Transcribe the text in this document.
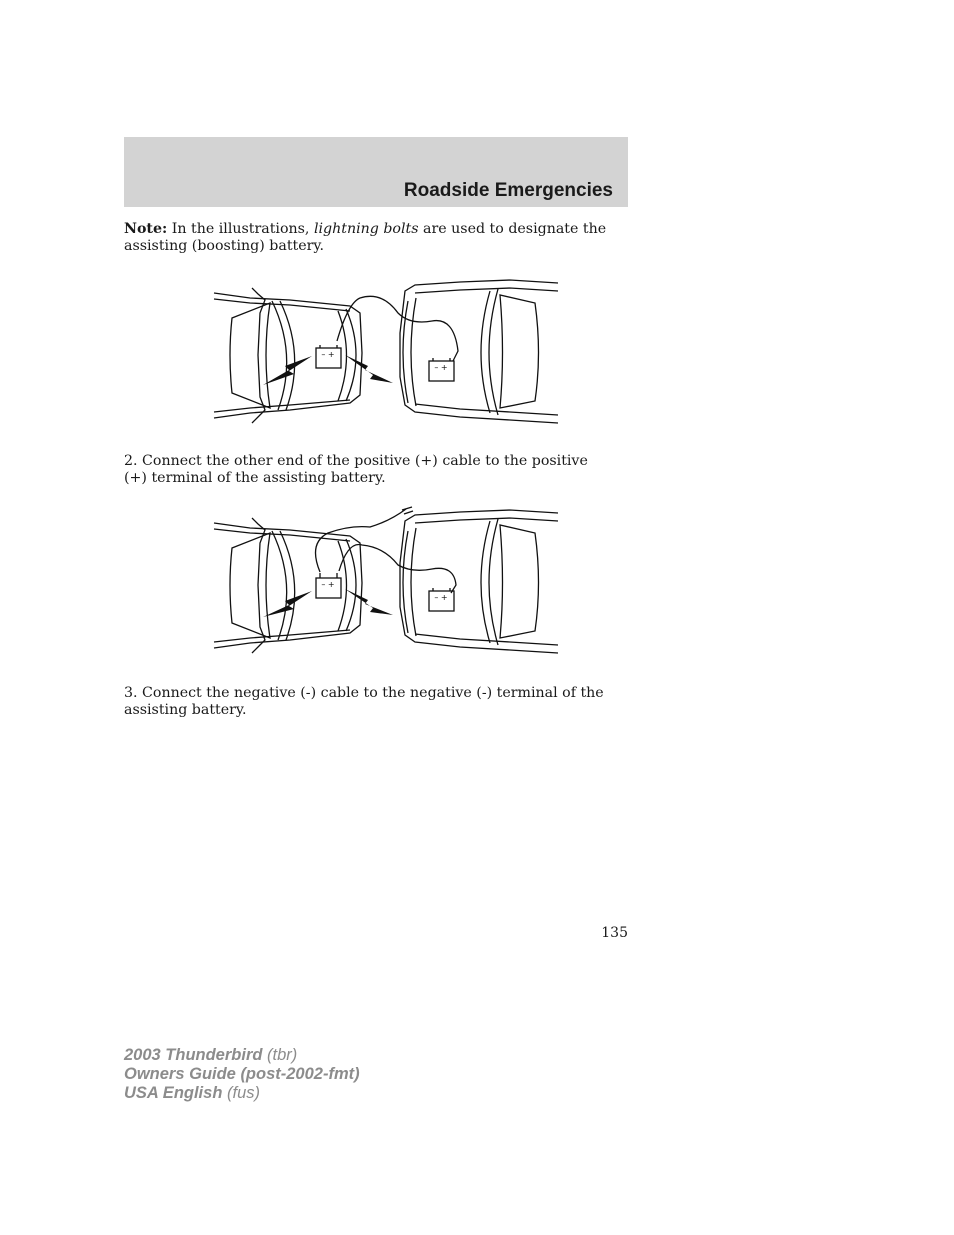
Roadside Emergencies
Note: In the illustrations, lightning bolts are used to designate the assisting (boosting) battery.
– +
– +
2. Connect the other end of the positive (+) cable to the positive (+) terminal of the assisting battery.
– +
– +
3. Connect the negative (-) cable to the negative (-) terminal of the assisting battery.
135
2003 Thunderbird (tbr)
Owners Guide (post-2002-fmt)
USA English (fus)
